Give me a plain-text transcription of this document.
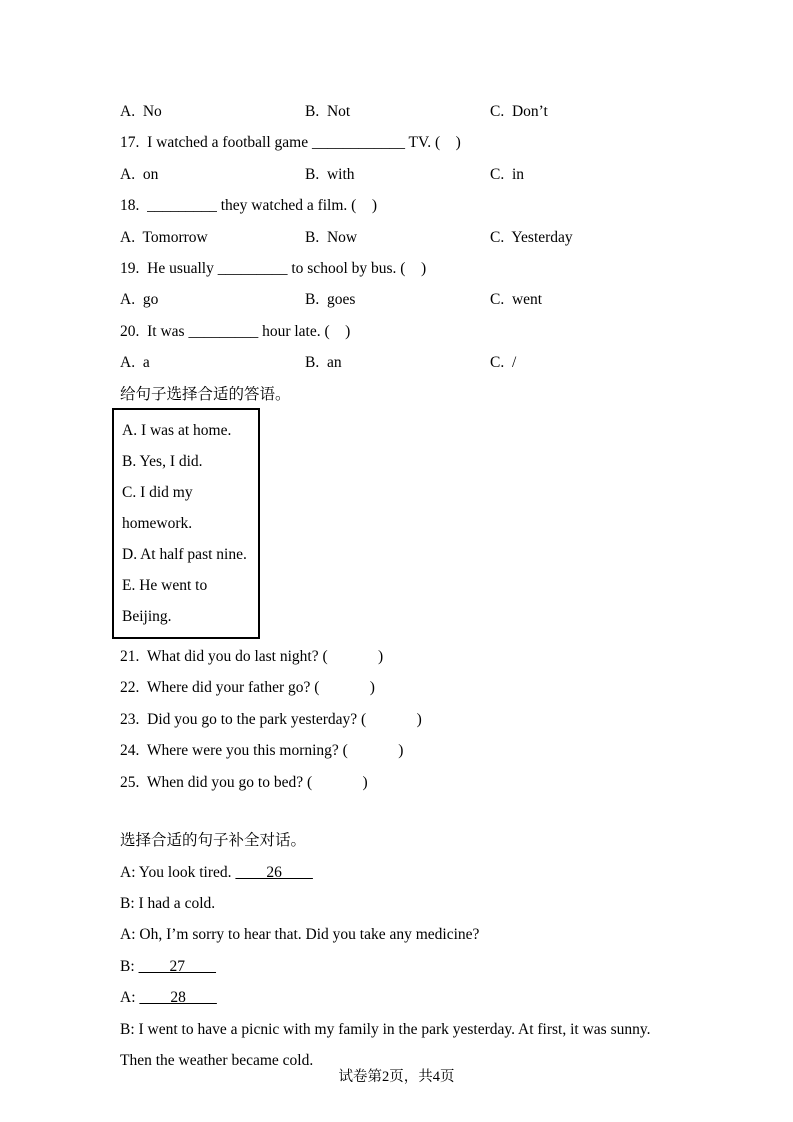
A.  No	B.  Not	C.  Don’t
17.  I watched a football game ____________ TV. (    )
A.  on	B.  with	C.  in
18.  _________ they watched a film. (    )
A.  Tomorrow	B.  Now	C.  Yesterday
19.  He usually _________ to school by bus. (    )
A.  go	B.  goes	C.  went
20.  It was _________ hour late. (    )
A.  a	B.  an	C.  /
给句子选择合适的答语。
A. I was at home.
B. Yes, I did.
C. I did my homework.
D. At half past nine.
E. He went to Beijing.
21.  What did you do last night? (             )
22.  Where did your father go? (             )
23.  Did you go to the park yesterday? (             )
24.  Where were you this morning? (             )
25.  When did you go to bed? (             )
选择合适的句子补全对话。
A: You look tired.         26
B: I had a cold.
A: Oh, I’m sorry to hear that. Did you take any medicine?
B:         27
A:         28
B: I went to have a picnic with my family in the park yesterday. At first, it was sunny. Then the weather became cold.
试卷第2页，共4页
